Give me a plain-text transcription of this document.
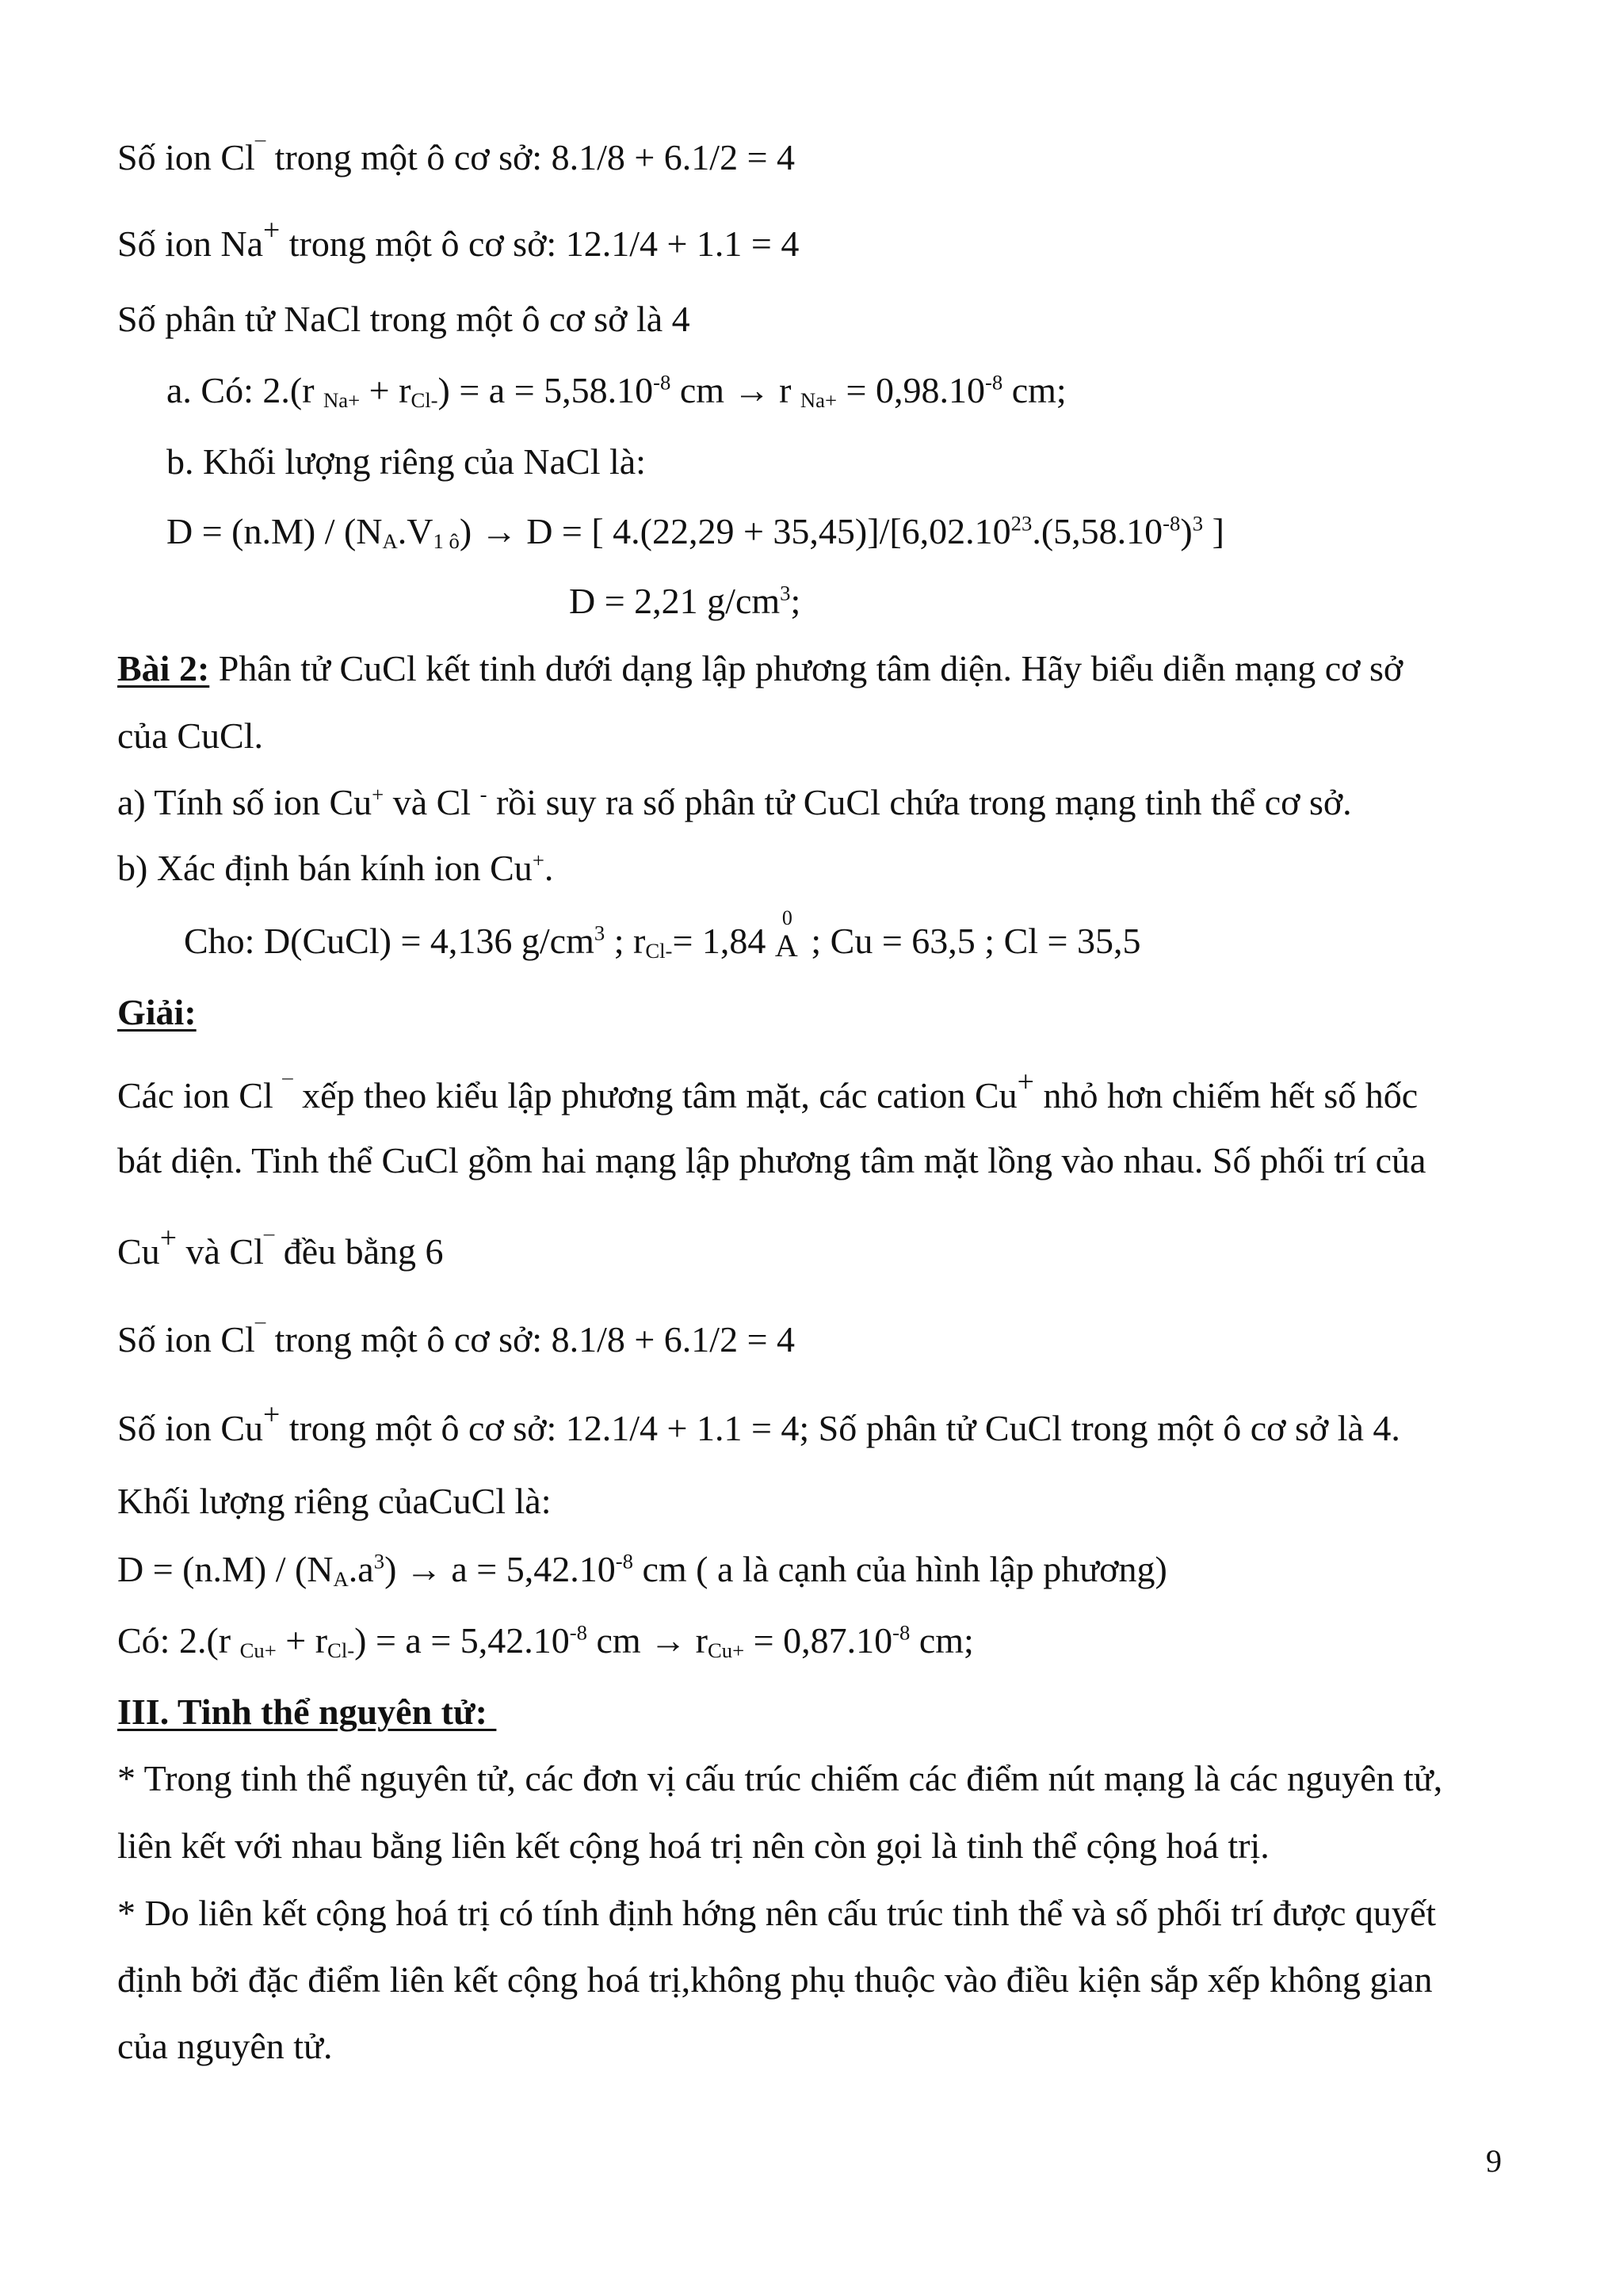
Số ion Cl¯ trong một ô cơ sở: 8.1/8 + 6.1/2 = 4
Số ion Na+ trong một ô cơ sở: 12.1/4 + 1.1 = 4
Số phân tử NaCl trong một ô cơ sở là 4
a. Có: 2.(r $_{Na+} + r_{Cl-}) = a = 5,58.10^{-8}$ cm → r $_{Na+} = 0,98.10^{-8}$ cm;
b. Khối lượng riêng của NaCl là:
$D = (n.M) / (N_A.V_{1 ô}) \to D$ = [ $4.(22,29 + 35,45)]/[6,02.10^{23}.(5,58.10^{-8})^3$ ]
D = 2,21 $g/cm^3$;
Bài 2: Phân tử CuCl kết tinh dưới dạng lập phương tâm diện. Hãy biểu diễn mạng cơ sở
của CuCl.
a) Tính số ion Cu+ và Cl - rồi suy ra số phân tử CuCl chứa trong mạng tinh thể cơ sở.
b) Xác định bán kính ion Cu+.
Cho: D(CuCl) = 4,136 $g/cm^3$ ; $r_{Cl-}= 1,84$
0
A ; Cu = 63,5 ; Cl = 35,5
Giải:
Các ion Cl ¯ xếp theo kiểu lập phương tâm mặt, các cation Cu+ nhỏ hơn chiếm hết số hốc
bát diện. Tinh thể CuCl gồm hai mạng lập phương tâm mặt lồng vào nhau. Số phối trí của
Cu+ và Cl¯ đều bằng 6
Số ion Cl¯ trong một ô cơ sở: 8.1/8 + 6.1/2 = 4
Số ion Cu+ trong một ô cơ sở: 12.1/4 + 1.1 = 4; Số phân tử CuCl trong một ô cơ sở là 4.
Khối lượng riêng củaCuCl là:
$D = (n.M) / (N_A.a^3) \to a = 5,42.10^{-8}$ cm ( a là cạnh của hình lập phương)
Có: 2.(r $_{Cu+} + r_{Cl-}) = a = 5,42.10^{-8}$ cm → $r_{Cu+} = 0,87.10^{-8}$ cm;
III. Tinh thể nguyên tử:
* Trong tinh thể nguyên tử, các đơn vị cấu trúc chiếm các điểm nút mạng là các nguyên tử,
liên kết với nhau bằng liên kết cộng hoá trị nên còn gọi là tinh thể cộng hoá trị.
* Do liên kết cộng hoá trị có tính định hớng nên cấu trúc tinh thể và số phối trí được quyết
định bởi đặc điểm liên kết cộng hoá trị,không phụ thuộc vào điều kiện sắp xếp không gian
của nguyên tử.
9
